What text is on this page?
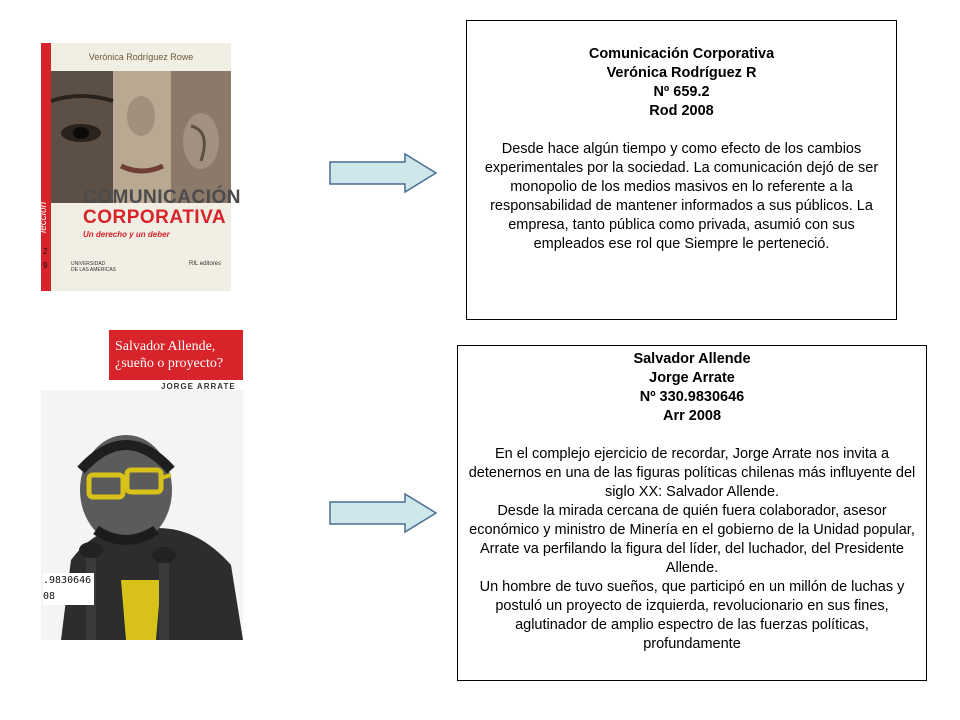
Verónica Rodríguez Rowe
COMUNICACIÓN
CORPORATIVA
Un derecho y un deber
lección
2
9	UNIVERSIDAD
DE LAS AMERICAS
RIL editores
Salvador Allende,
¿sueño o proyecto?
JORGE ARRATE
.9830646
08
Comunicación Corporativa
Verónica Rodríguez R
Nº 659.2
Rod 2008
Desde hace algún tiempo y como efecto de los cambios experimentales por la sociedad. La comunicación dejó de ser monopolio de los medios masivos en lo referente a la responsabilidad de mantener informados a sus públicos. La empresa, tanto pública como privada, asumió con sus empleados ese rol que Siempre le perteneció.
Salvador Allende
Jorge Arrate
Nº 330.9830646
Arr 2008
En el complejo ejercicio de recordar, Jorge Arrate nos invita a detenernos en una de las figuras políticas chilenas más influyente del siglo XX: Salvador Allende.
Desde la mirada cercana de quién fuera colaborador, asesor económico y ministro de Minería en el gobierno de la Unidad popular, Arrate va perfilando la figura del líder, del luchador, del Presidente Allende.
Un hombre de tuvo sueños, que participó en un millón de luchas y postuló un proyecto de izquierda, revolucionario en sus fines, aglutinador de amplio espectro de las fuerzas políticas, profundamente
